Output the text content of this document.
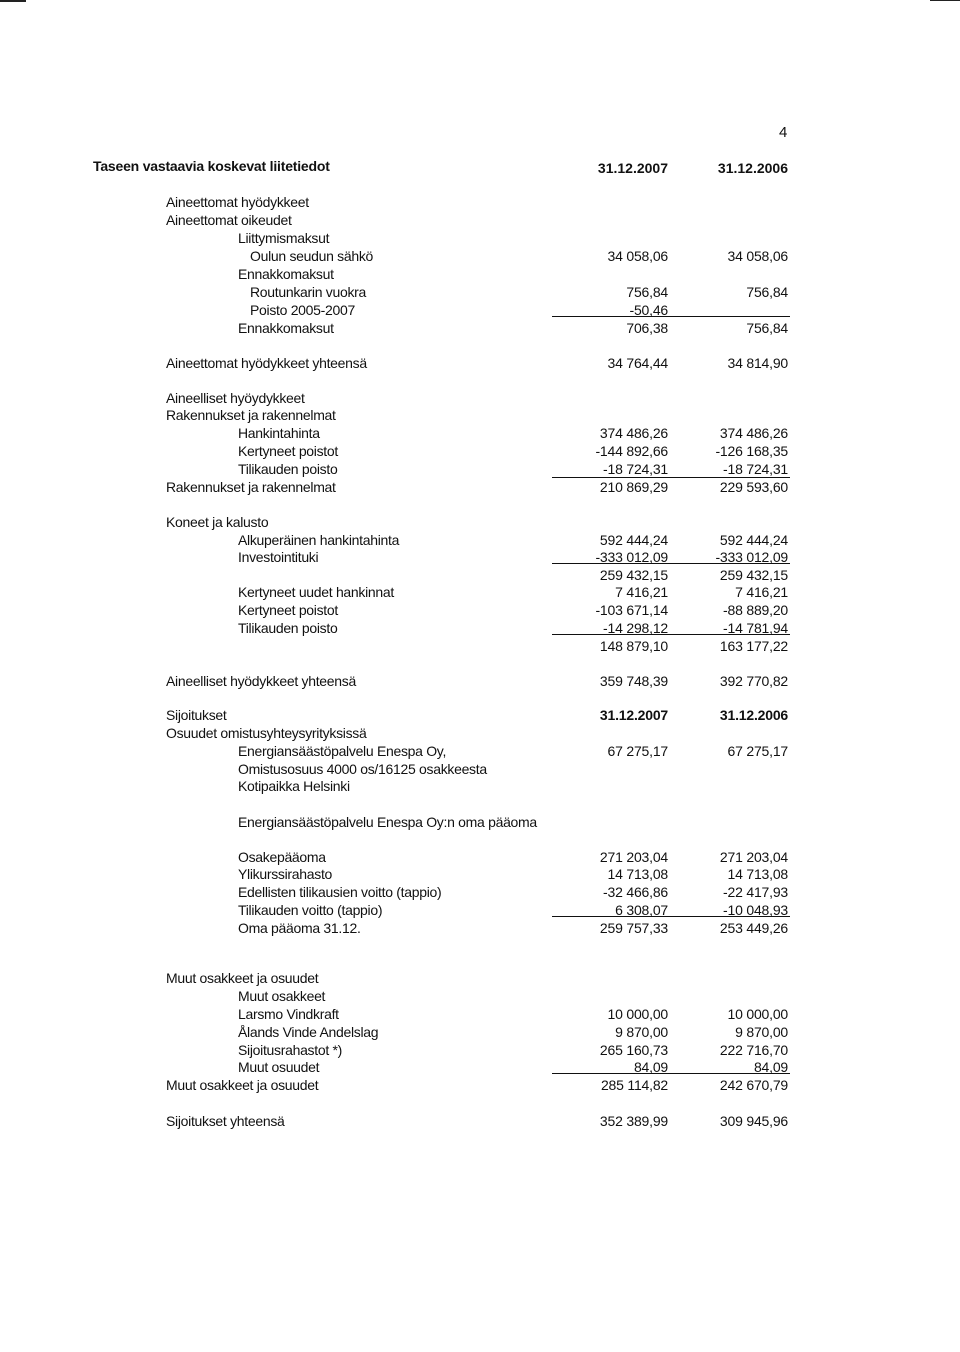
4
Taseen vastaavia koskevat liitetiedot	31.12.2007	31.12.2006
Aineettomat hyödykkeet
Aineettomat oikeudet
Liittymismaksut
Oulun seudun sähkö	34 058,06	34 058,06
Ennakkomaksut
Routunkarin vuokra	756,84	756,84
Poisto 2005-2007	-50,46
Ennakkomaksut	706,38	756,84
Aineettomat hyödykkeet yhteensä	34 764,44	34 814,90
Aineelliset hyöydykkeet
Rakennukset ja rakennelmat
Hankintahinta	374 486,26	374 486,26
Kertyneet poistot	-144 892,66	-126 168,35
Tilikauden poisto	-18 724,31	-18 724,31
Rakennukset ja rakennelmat	210 869,29	229 593,60
Koneet ja kalusto
Alkuperäinen hankintahinta	592 444,24	592 444,24
Investointituki	-333 012,09	-333 012,09
259 432,15	259 432,15
Kertyneet uudet hankinnat	7 416,21	7 416,21
Kertyneet poistot	-103 671,14	-88 889,20
Tilikauden poisto	-14 298,12	-14 781,94
148 879,10	163 177,22
Aineelliset hyödykkeet yhteensä	359 748,39	392 770,82
Sijoitukset	31.12.2007	31.12.2006
Osuudet omistusyhteysyrityksissä
Energiansäästöpalvelu Enespa Oy,	67 275,17	67 275,17
Omistusosuus 4000 os/16125 osakkeesta
Kotipaikka Helsinki
Energiansäästöpalvelu Enespa Oy:n oma pääoma
Osakepääoma	271 203,04	271 203,04
Ylikurssirahasto	14 713,08	14 713,08
Edellisten tilikausien voitto (tappio)	-32 466,86	-22 417,93
Tilikauden voitto (tappio)	6 308,07	-10 048,93
Oma pääoma 31.12.	259 757,33	253 449,26
Muut osakkeet ja osuudet
Muut osakkeet
Larsmo Vindkraft	10 000,00	10 000,00
Ålands Vinde Andelslag	9 870,00	9 870,00
Sijoitusrahastot *)	265 160,73	222 716,70
Muut osuudet	84,09	84,09
Muut osakkeet ja osuudet	285 114,82	242 670,79
Sijoitukset yhteensä	352 389,99	309 945,96
